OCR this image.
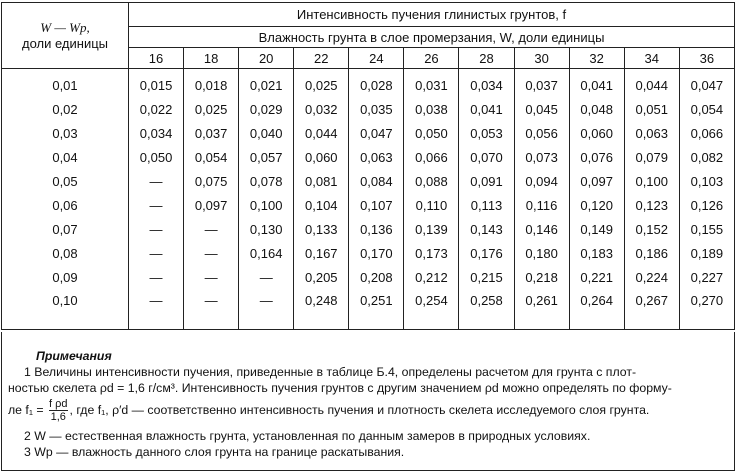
W — Wp,
доли единицы	Интенсивность пучения глинистых грунтов, f										
	Влажность грунта в слое промерзания, W, доли единицы										
	16	18	20	22	24	26	28	30	32	34	36
0,01	0,015	0,018	0,021	0,025	0,028	0,031	0,034	0,037	0,041	0,044	0,047
0,02	0,022	0,025	0,029	0,032	0,035	0,038	0,041	0,045	0,048	0,051	0,054
0,03	0,034	0,037	0,040	0,044	0,047	0,050	0,053	0,056	0,060	0,063	0,066
0,04	0,050	0,054	0,057	0,060	0,063	0,066	0,070	0,073	0,076	0,079	0,082
0,05	—	0,075	0,078	0,081	0,084	0,088	0,091	0,094	0,097	0,100	0,103
0,06	—	0,097	0,100	0,104	0,107	0,110	0,113	0,116	0,120	0,123	0,126
0,07	—	—	0,130	0,133	0,136	0,139	0,143	0,146	0,149	0,152	0,155
0,08	—	—	0,164	0,167	0,170	0,173	0,176	0,180	0,183	0,186	0,189
0,09	—	—	—	0,205	0,208	0,212	0,215	0,218	0,221	0,224	0,227
0,10	—	—	—	0,248	0,251	0,254	0,258	0,261	0,264	0,267	0,270
Примечания
1 Величины интенсивности пучения, приведенные в таблице Б.4, определены расчетом для грунта с плот-
ностью скелета ρd = 1,6 г/см³. Интенсивность пучения грунтов с другим значением ρd можно определять по форму-
ле $f_1 = \frac{\text{f ρd}}{1,6}$ , где f₁, ρ′d — соответственно интенсивность пучения и плотность скелета исследуемого слоя грунта.
2 W — естественная влажность грунта, установленная по данным замеров в природных условиях.
3 Wp — влажность данного слоя грунта на границе раскатывания.
